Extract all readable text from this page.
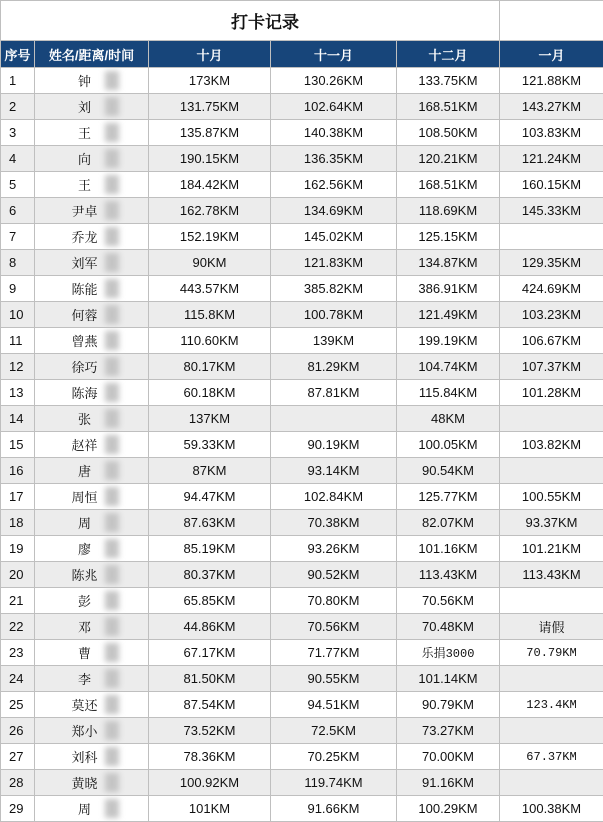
打卡记录					
序号	姓名/距离/时间	十月	十一月	十二月	一月
1	钟	173KM	130.26KM	133.75KM	121.88KM
2	刘	131.75KM	102.64KM	168.51KM	143.27KM
3	王	135.87KM	140.38KM	108.50KM	103.83KM
4	向	190.15KM	136.35KM	120.21KM	121.24KM
5	王	184.42KM	162.56KM	168.51KM	160.15KM
6	尹卓	162.78KM	134.69KM	118.69KM	145.33KM
7	乔龙	152.19KM	145.02KM	125.15KM	
8	刘军	90KM	121.83KM	134.87KM	129.35KM
9	陈能	443.57KM	385.82KM	386.91KM	424.69KM
10	何蓉	115.8KM	100.78KM	121.49KM	103.23KM
11	曾燕	110.60KM	139KM	199.19KM	106.67KM
12	徐巧	80.17KM	81.29KM	104.74KM	107.37KM
13	陈海	60.18KM	87.81KM	115.84KM	101.28KM
14	张	137KM		48KM	
15	赵祥	59.33KM	90.19KM	100.05KM	103.82KM
16	唐	87KM	93.14KM	90.54KM	
17	周恒	94.47KM	102.84KM	125.77KM	100.55KM
18	周	87.63KM	70.38KM	82.07KM	93.37KM
19	廖	85.19KM	93.26KM	101.16KM	101.21KM
20	陈兆	80.37KM	90.52KM	113.43KM	113.43KM
21	彭	65.85KM	70.80KM	70.56KM	
22	邓	44.86KM	70.56KM	70.48KM	请假
23	曹	67.17KM	71.77KM	乐捐3000	70.79KM
24	李	81.50KM	90.55KM	101.14KM	
25	莫还	87.54KM	94.51KM	90.79KM	123.4KM
26	郑小	73.52KM	72.5KM	73.27KM	
27	刘科	78.36KM	70.25KM	70.00KM	67.37KM
28	黄晓	100.92KM	119.74KM	91.16KM	
29	周	101KM	91.66KM	100.29KM	100.38KM
